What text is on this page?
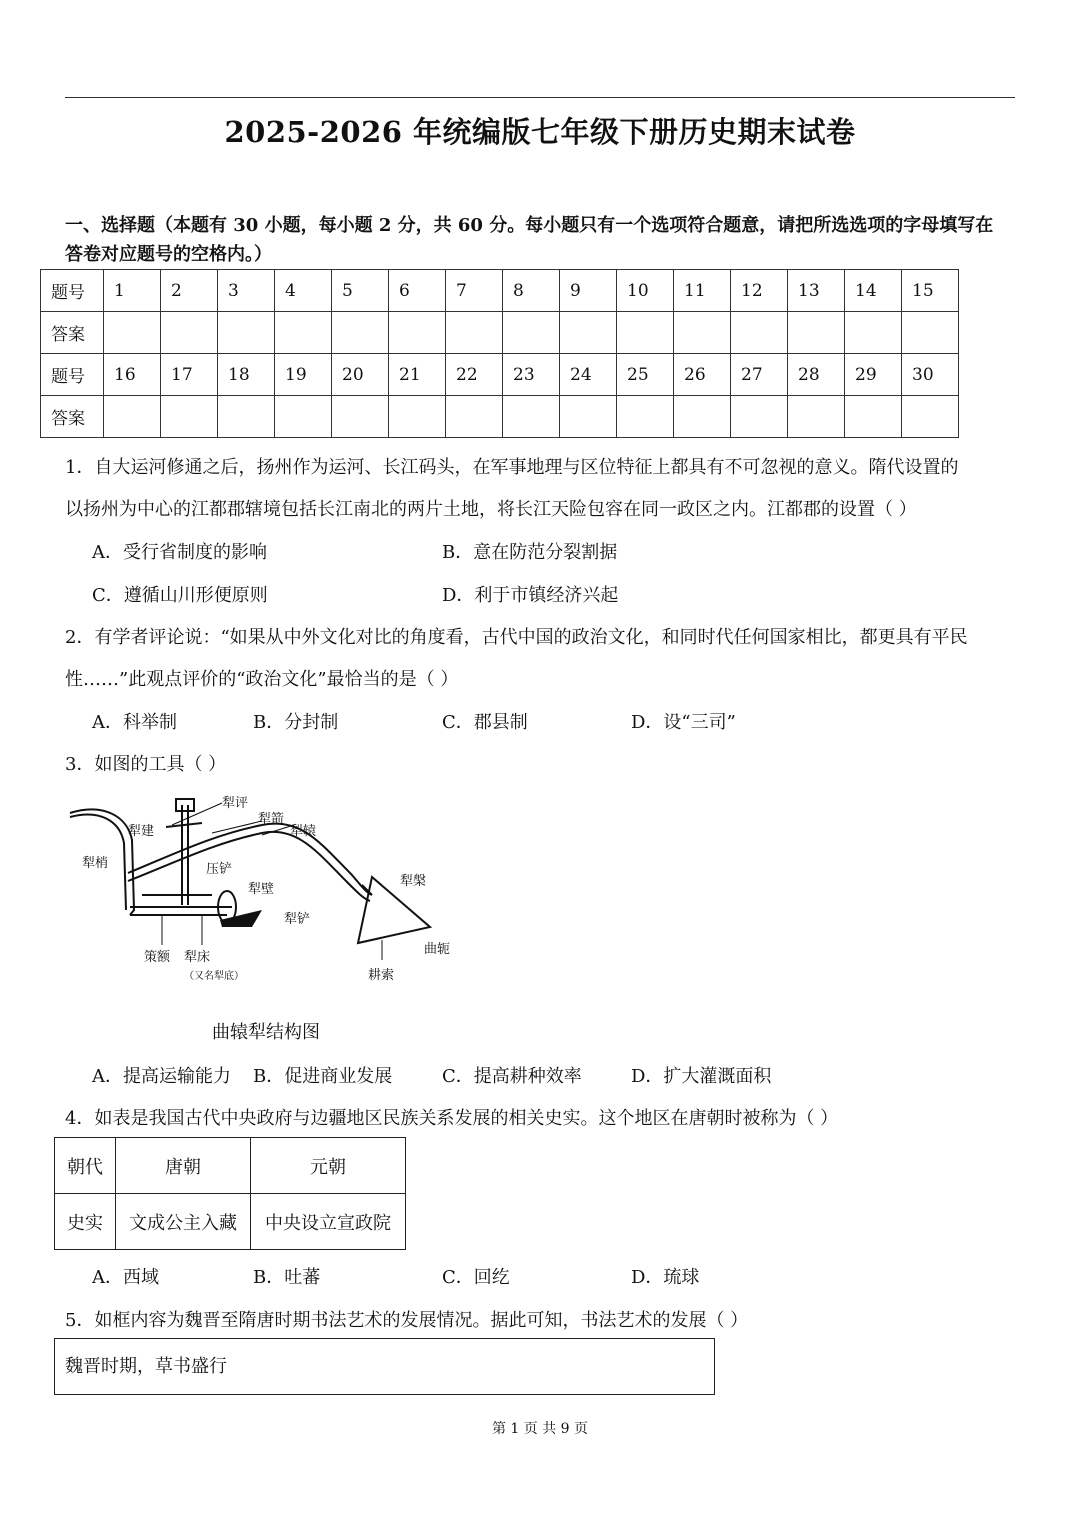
2025-2026 年统编版七年级下册历史期末试卷
一、选择题（本题有 30 小题，每小题 2 分，共 60 分。每小题只有一个选项符合题意，请把所选选项的字母填写在
答卷对应题号的空格内。）
题号	1	2	3	4	5	6	7	8	9	10	11	12	13	14	15
答案															
题号	16	17	18	19	20	21	22	23	24	25	26	27	28	29	30
答案															
1．自大运河修通之后，扬州作为运河、长江码头，在军事地理与区位特征上都具有不可忽视的意义。隋代设置的
以扬州为中心的江都郡辖境包括长江南北的两片土地，将长江天险包容在同一政区之内。江都郡的设置（ ）
A．受行省制度的影响	B．意在防范分裂割据
C．遵循山川形便原则	D．利于市镇经济兴起
2．有学者评论说：“如果从中外文化对比的角度看，古代中国的政治文化，和同时代任何国家相比，都更具有平民
性……”此观点评价的“政治文化”最恰当的是（ ）
A．科举制	B．分封制	C．郡县制	D．设“三司”
3．如图的工具（ ）
犁评
犁建
犁箭
犁辕
犁梢	压铲
犁壁
犁槃
犁铲
曲轭
策额 犁床
（又名犁底）	耕索
曲辕犁结构图
A．提高运输能力 B．促进商业发展	C．提高耕种效率	D．扩大灌溉面积
4．如表是我国古代中央政府与边疆地区民族关系发展的相关史实。这个地区在唐朝时被称为（ ）
朝代	唐朝	元朝
史实	文成公主入藏	中央设立宣政院
A．西域	B．吐蕃	C．回纥	D．琉球
5．如框内容为魏晋至隋唐时期书法艺术的发展情况。据此可知，书法艺术的发展（ ）
魏晋时期，草书盛行
第 1 页 共 9 页
